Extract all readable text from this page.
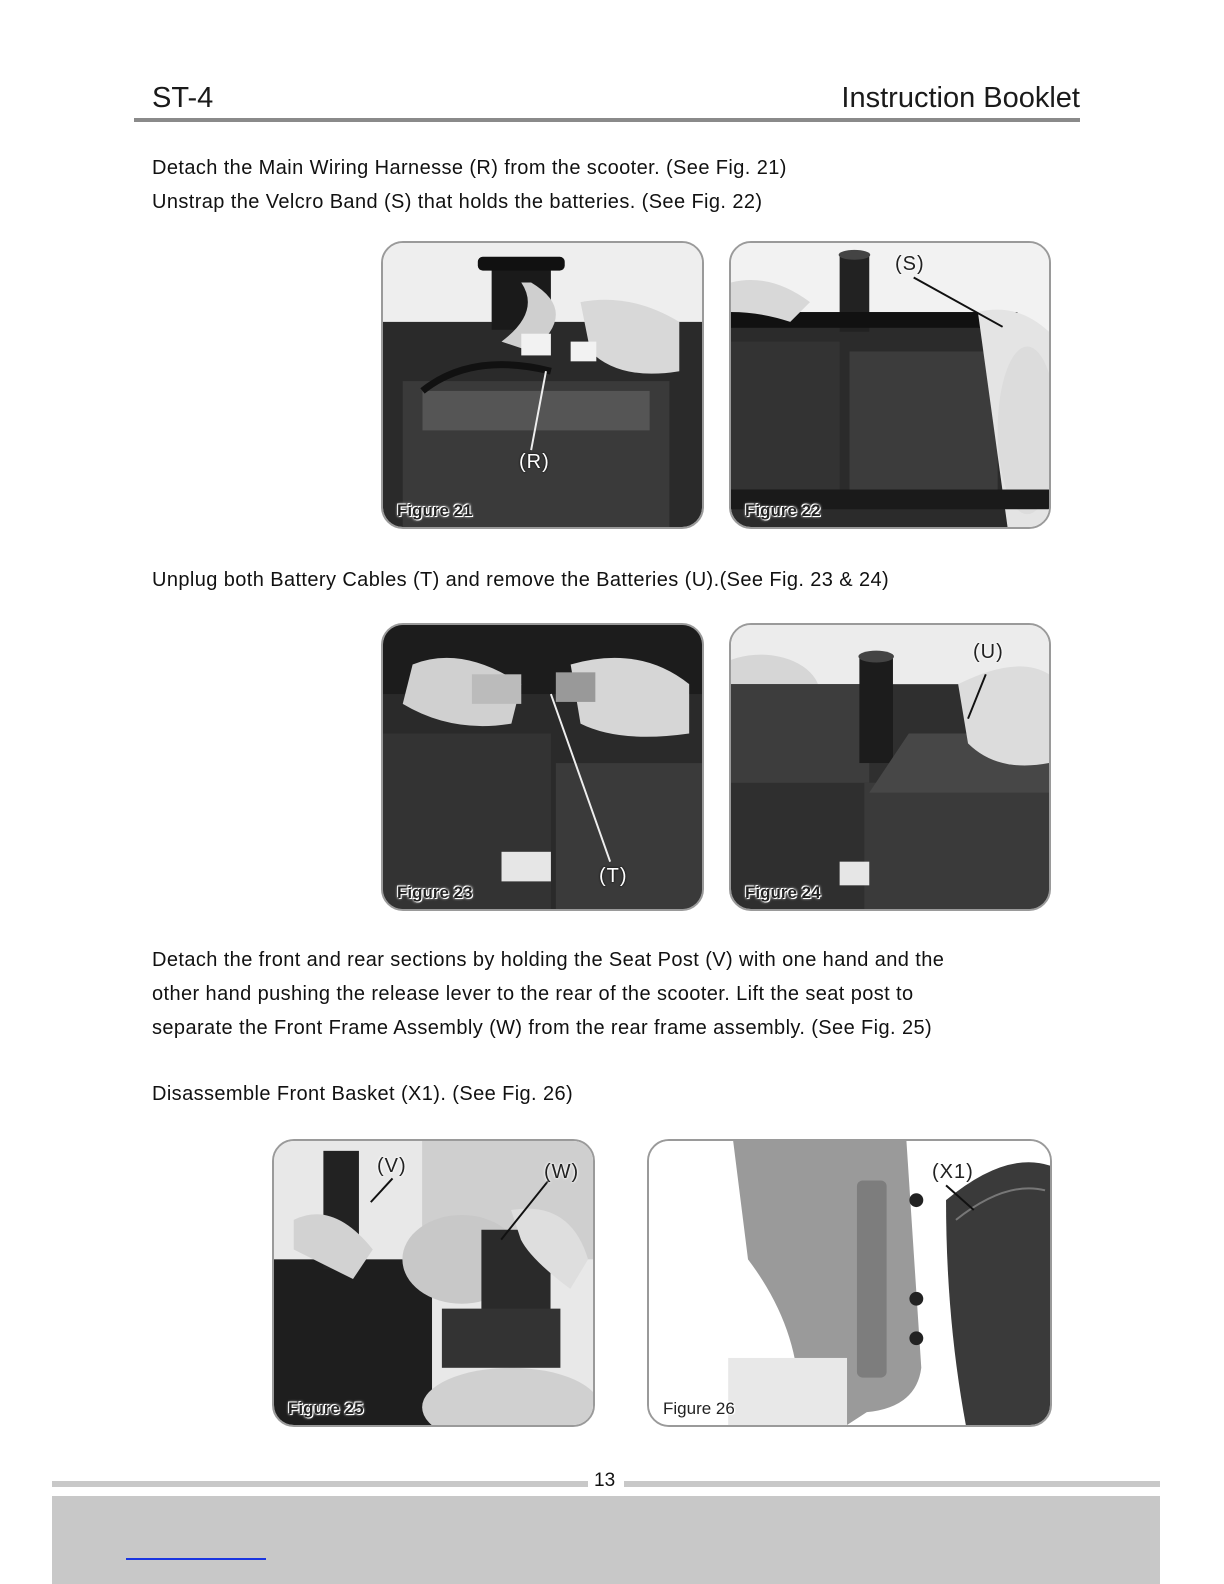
ST-4	Instruction Booklet
Detach the Main Wiring Harnesse (R) from the scooter. (See Fig. 21)
Unstrap the Velcro Band (S) that holds the batteries. (See Fig. 22)
(R)
Figure 21
(S)
Figure 22
Unplug both Battery Cables (T) and remove the Batteries (U).(See Fig. 23 & 24)
(T)
Figure 23
(U)
Figure 24
Detach the front and rear sections by holding the Seat Post (V) with one hand and the
other hand pushing the release lever to the rear of the scooter. Lift the seat post to
separate the Front Frame Assembly (W) from the rear frame assembly. (See Fig. 25)
Disassemble Front Basket (X1). (See Fig. 26)
(V)	(W)
Figure 25
(X1)
Figure 26
13
